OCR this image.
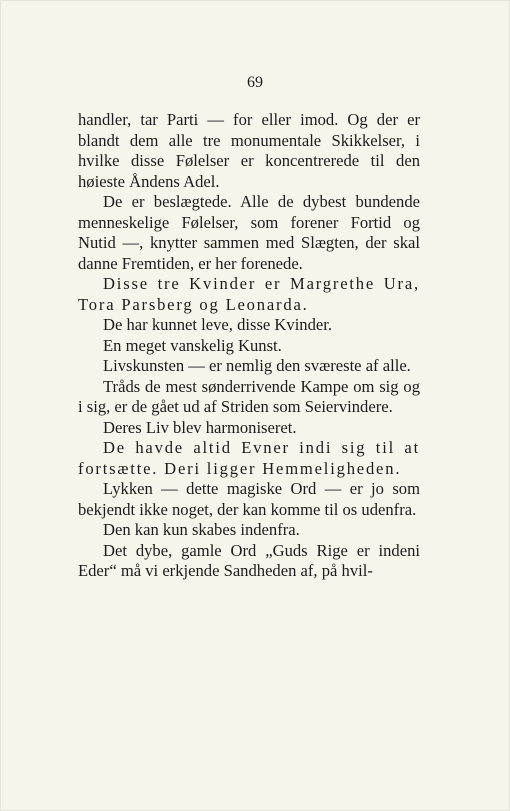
69

handler, tar Parti — for eller imod. Og der er blandt dem alle tre monumentale Skikkelser, i hvilke disse Følelser er koncentrerede til den høieste Åndens Adel.

De er beslægtede. Alle de dybest bundende menneskelige Følelser, som forener Fortid og Nutid —, knytter sammen med Slægten, der skal danne Fremtiden, er her forenede.

Disse tre Kvinder er Margrethe Ura, Tora Parsberg og Leonarda.

De har kunnet leve, disse Kvinder.

En meget vanskelig Kunst.

Livskunsten — er nemlig den sværeste af alle.

Tråds de mest sønderrivende Kampe om sig og i sig, er de gået ud af Striden som Seiervindere.

Deres Liv blev harmoniseret.

De havde altid Evner indi sig til at fortsætte. Deri ligger Hemmeligheden.

Lykken — dette magiske Ord — er jo som bekjendt ikke noget, der kan komme til os udenfra.

Den kan kun skabes indenfra.

Det dybe, gamle Ord „Guds Rige er indeni Eder“ må vi erkjende Sandheden af, på hvil-
